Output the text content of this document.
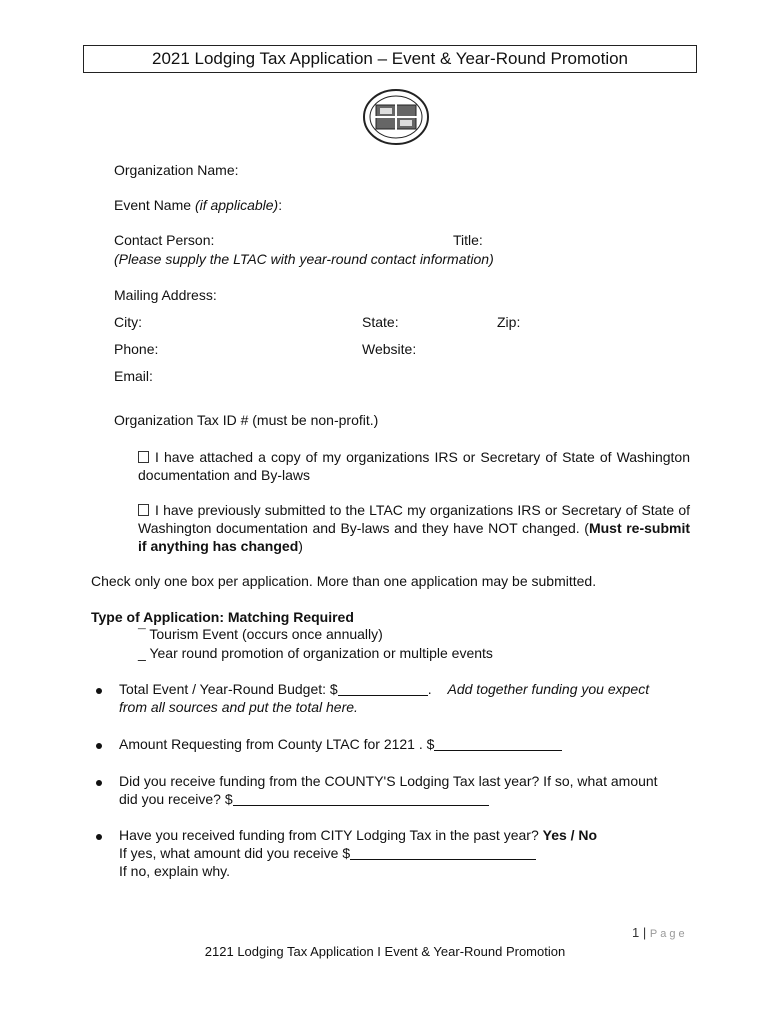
2021 Lodging Tax Application – Event & Year-Round Promotion
Organization Name:
Event Name (if applicable):
Contact Person:	Title:
(Please supply the LTAC with year-round contact information)
Mailing Address:
City:	State:	Zip:
Phone:	Website:
Email:
Organization Tax ID # (must be non-profit.)
I have attached a copy of my organizations IRS or Secretary of State of Washington documentation and By-laws
I have previously submitted to the LTAC my organizations IRS or Secretary of State of Washington documentation and By-laws and they have NOT changed. (Must re-submit if anything has changed)
Check only one box per application. More than one application may be submitted.
Type of Application: Matching Required
¯ Tourism Event (occurs once annually)
_ Year round promotion of organization or multiple events
Total Event / Year-Round Budget: $	. Add together funding you expect
from all sources and put the total here.
Amount Requesting from County LTAC for 2121 . $
Did you receive funding from the COUNTY'S Lodging Tax last year? If so, what amount
did you receive? $
Have you received funding from CITY Lodging Tax in the past year? Yes / No
If yes, what amount did you receive $
If no, explain why.
1 | Page
2121 Lodging Tax Application I Event & Year-Round Promotion
